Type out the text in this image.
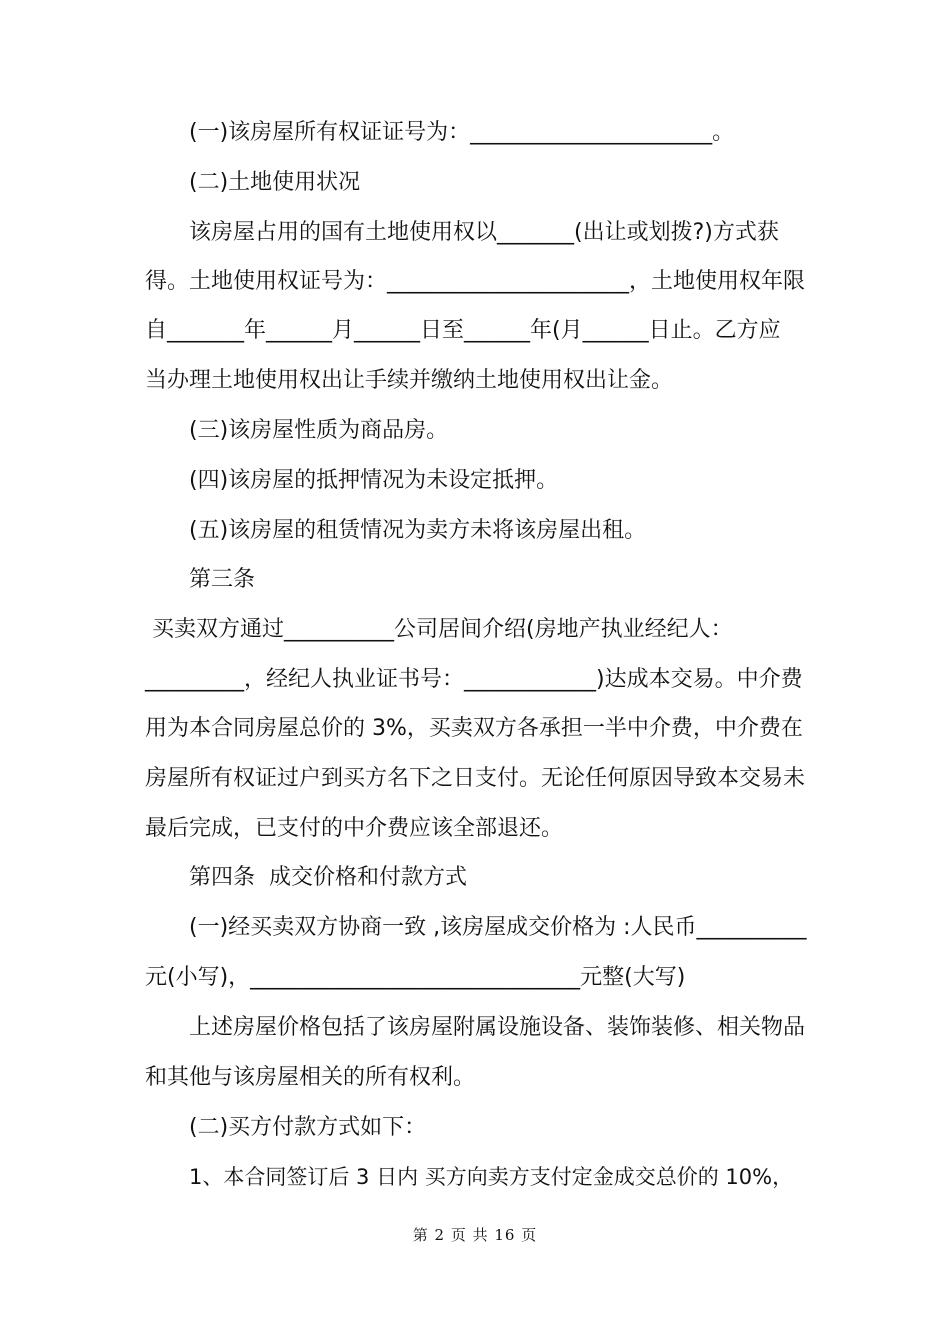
(一)该房屋所有权证证号为：______________________。
(二)土地使用状况
该房屋占用的国有土地使用权以_______(出让或划拨?)方式获
得。土地使用权证号为：______________________，土地使用权年限
自_______年______月______日至______年(月______日止。乙方应
当办理土地使用权出让手续并缴纳土地使用权出让金。
(三)该房屋性质为商品房。
(四)该房屋的抵押情况为未设定抵押。
(五)该房屋的租赁情况为卖方未将该房屋出租。
第三条
买卖双方通过__________公司居间介绍(房地产执业经纪人：
_________，经纪人执业证书号：____________)达成本交易。中介费
用为本合同房屋总价的 3%，买卖双方各承担一半中介费，中介费在
房屋所有权证过户到买方名下之日支付。无论任何原因导致本交易未
最后完成，已支付的中介费应该全部退还。
第四条  成交价格和付款方式
(一)经买卖双方协商一致 ,该房屋成交价格为 :人民币__________
元(小写)，______________________________元整(大写)
上述房屋价格包括了该房屋附属设施设备、装饰装修、相关物品
和其他与该房屋相关的所有权利。
(二)买方付款方式如下：
1、本合同签订后 3 日内 买方向卖方支付定金成交总价的 10%，
第 2 页 共 16 页
